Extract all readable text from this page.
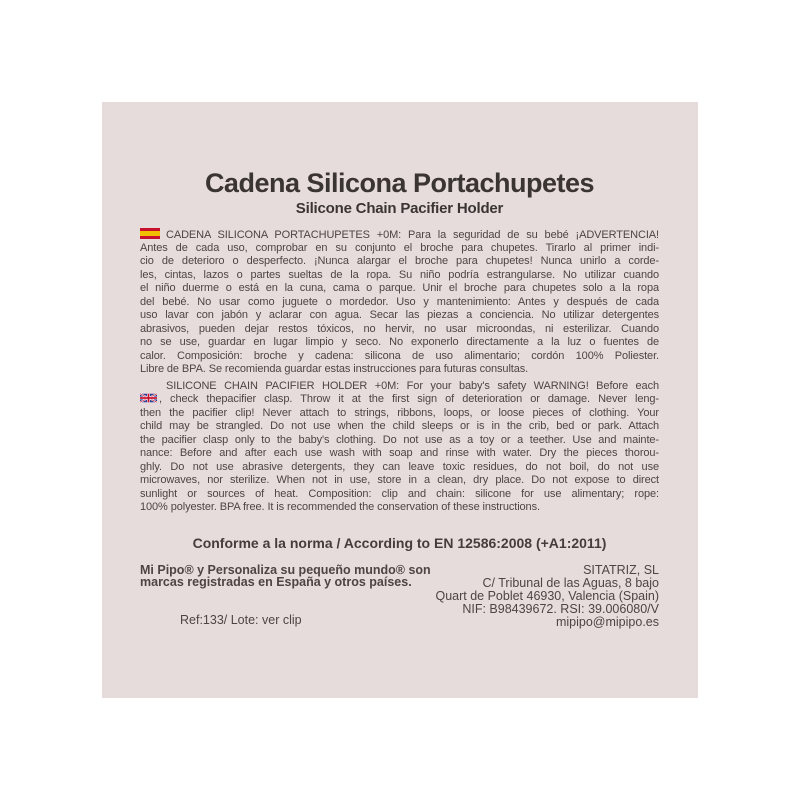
Cadena Silicona Portachupetes
Silicone Chain Pacifier Holder
CADENA SILICONA PORTACHUPETES +0M: Para la seguridad de su bebé ¡ADVERTENCIA!
Antes de cada uso, comprobar en su conjunto el broche para chupetes. Tirarlo al primer indi-
cio de deterioro o desperfecto. ¡Nunca alargar el broche para chupetes! Nunca unirlo a corde-
les, cintas, lazos o partes sueltas de la ropa. Su niño podría estrangularse. No utilizar cuando
el niño duerme o está en la cuna, cama o parque. Unir el broche para chupetes solo a la ropa
del bebé. No usar como juguete o mordedor. Uso y mantenimiento: Antes y después de cada
uso lavar con jabón y aclarar con agua. Secar las piezas a conciencia. No utilizar detergentes
abrasivos, pueden dejar restos tóxicos, no hervir, no usar microondas, ni esterilizar. Cuando
no se use, guardar en lugar limpio y seco. No exponerlo directamente a la luz o fuentes de
calor. Composición: broche y cadena: silicona de uso alimentario; cordón 100% Poliester.
Libre de BPA. Se recomienda guardar estas instrucciones para futuras consultas.
SILICONE CHAIN PACIFIER HOLDER +0M: For your baby's safety WARNING! Before each
, check thepacifier clasp. Throw it at the first sign of deterioration or damage. Never leng-
then the pacifier clip! Never attach to strings, ribbons, loops, or loose pieces of clothing. Your
child may be strangled. Do not use when the child sleeps or is in the crib, bed or park. Attach
the pacifier clasp only to the baby's clothing. Do not use as a toy or a teether. Use and mainte-
nance: Before and after each use wash with soap and rinse with water. Dry the pieces thorou-
ghly. Do not use abrasive detergents, they can leave toxic residues, do not boil, do not use
microwaves, nor sterilize. When not in use, store in a clean, dry place. Do not expose to direct
sunlight or sources of heat. Composition: clip and chain: silicone for use alimentary; rope:
100% polyester. BPA free. It is recommended the conservation of these instructions.
Conforme a la norma / According to EN 12586:2008 (+A1:2011)
Mi Pipo® y Personaliza su pequeño mundo® son
marcas registradas en España y otros países.
Ref:133/ Lote: ver clip
SITATRIZ, SL
C/ Tribunal de las Aguas, 8 bajo
Quart de Poblet 46930, Valencia (Spain)
NIF: B98439672. RSI: 39.006080/V
mipipo@mipipo.es
